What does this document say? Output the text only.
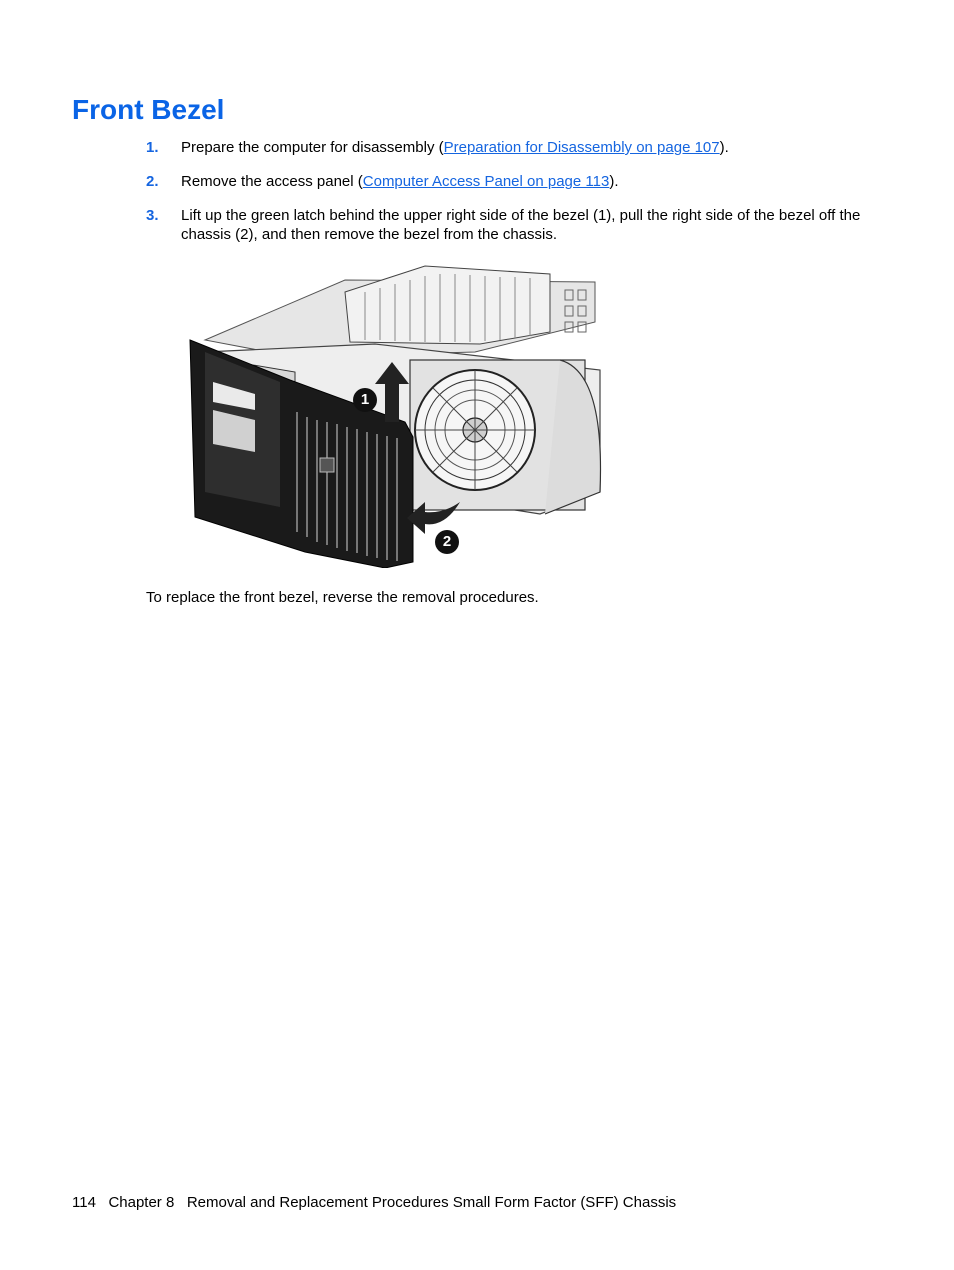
Front Bezel
1. Prepare the computer for disassembly (Preparation for Disassembly on page 107).
2. Remove the access panel (Computer Access Panel on page 113).
3. Lift up the green latch behind the upper right side of the bezel (1), pull the right side of the bezel off the chassis (2), and then remove the bezel from the chassis.
1
2

To replace the front bezel, reverse the removal procedures.

114 Chapter 8 Removal and Replacement Procedures Small Form Factor (SFF) Chassis
